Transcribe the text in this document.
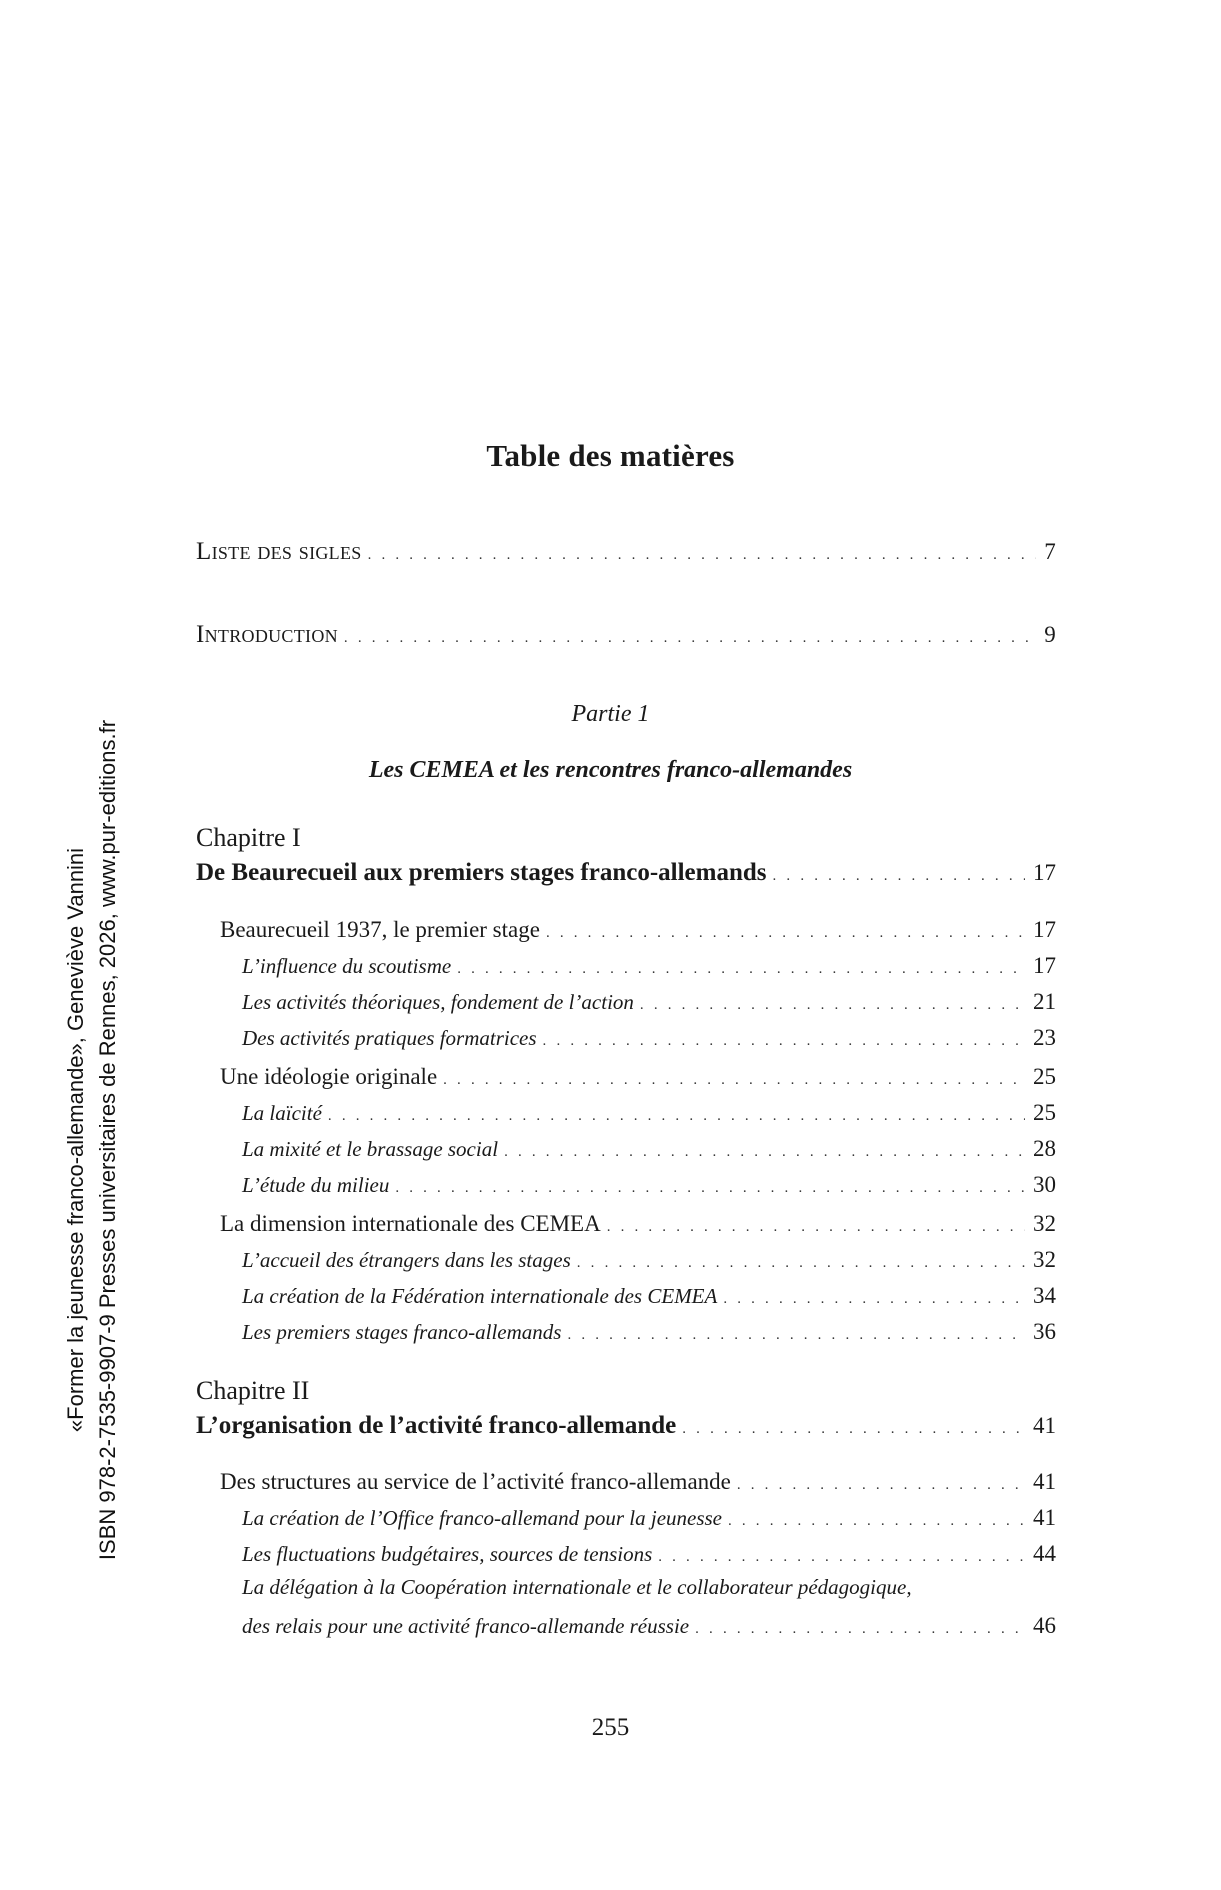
«Former la jeunesse franco-allemande», Geneviève Vannini ISBN 978-2-7535-9907-9 Presses universitaires de Rennes, 2026, www.pur-editions.fr
Table des matières
Liste des sigles . . .	7
Introduction . . .	9
Partie 1
Les CEMEA et les rencontres franco-allemandes
Chapitre I
De Beaurecueil aux premiers stages franco-allemands . . .	17
Beaurecueil 1937, le premier stage . . .	17
L’influence du scoutisme . . .	17
Les activités théoriques, fondement de l’action . . .	21
Des activités pratiques formatrices . . .	23
Une idéologie originale . . .	25
La laïcité . . .	25
La mixité et le brassage social . . .	28
L’étude du milieu . . .	30
La dimension internationale des CEMEA . . .	32
L’accueil des étrangers dans les stages . . .	32
La création de la Fédération internationale des CEMEA . . .	34
Les premiers stages franco-allemands . . .	36
Chapitre II
L’organisation de l’activité franco-allemande . . .	41
Des structures au service de l’activité franco-allemande . . .	41
La création de l’Office franco-allemand pour la jeunesse . . .	41
Les fluctuations budgétaires, sources de tensions . . .	44
La délégation à la Coopération internationale et le collaborateur pédagogique,
des relais pour une activité franco-allemande réussie . . .	46
255
